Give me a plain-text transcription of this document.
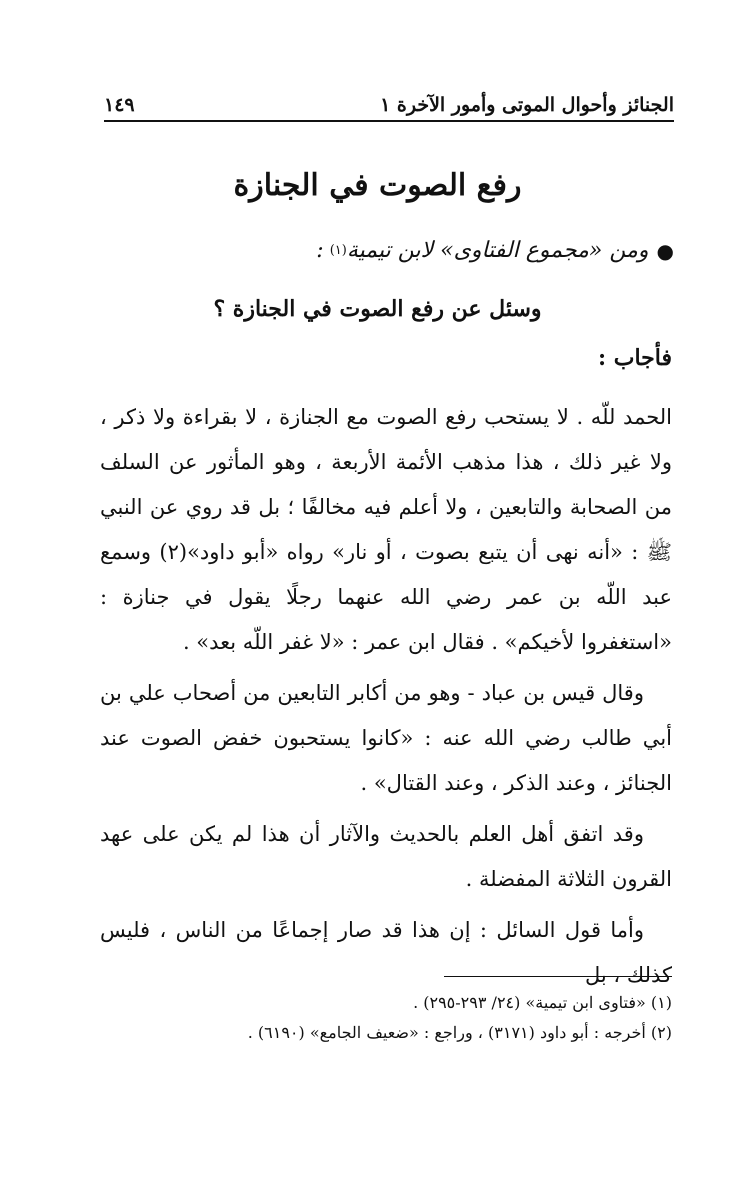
الجنائز وأحوال الموتى وأمور الآخرة ١
١٤٩
رفع الصوت في الجنازة
●
ومن «مجموع الفتاوى» لابن تيمية
(١)
:
وسئل عن رفع الصوت في الجنازة ؟
فأجاب :

الحمد للّه . لا يستحب رفع الصوت مع الجنازة ، لا بقراءة ولا ذكر ، ولا غير ذلك ، هذا مذهب الأئمة الأربعة ، وهو المأثور عن السلف من الصحابة والتابعين ، ولا أعلم فيه مخالفًا ؛ بل قد روي عن النبي ﷺ : «أنه نهى أن يتبع بصوت ، أو نار» رواه «أبو داود»(٢) وسمع عبد اللّه بن عمر رضي الله عنهما رجلًا يقول في جنازة : «استغفروا لأخيكم» . فقال ابن عمر : «لا غفر اللّه بعد» .

وقال قيس بن عباد - وهو من أكابر التابعين من أصحاب علي بن أبي طالب رضي الله عنه : «كانوا يستحبون خفض الصوت عند الجنائز ، وعند الذكر ، وعند القتال» .

وقد اتفق أهل العلم بالحديث والآثار أن هذا لم يكن على عهد القرون الثلاثة المفضلة .

وأما قول السائل : إن هذا قد صار إجماعًا من الناس ، فليس كذلك ، بل

(١) «فتاوى ابن تيمية» (٢٤/ ٢٩٣-٢٩٥) .

(٢) أخرجه : أبو داود (٣١٧١) ، وراجع : «ضعيف الجامع» (٦١٩٠) .
